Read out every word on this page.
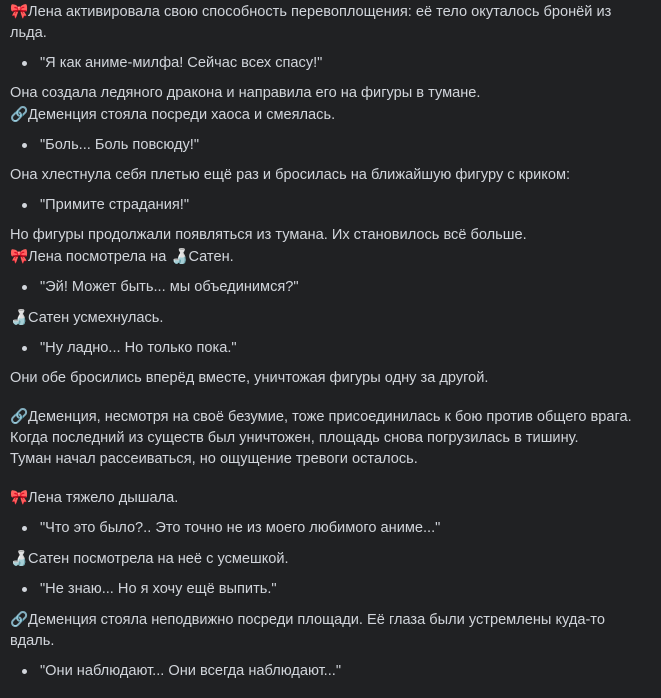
🎀Лена активировала свою способность перевоплощения: её тело окуталось бронёй из льда.

"Я как аниме-милфа! Сейчас всех спасу!"

Она создала ледяного дракона и направила его на фигуры в тумане.

🔗Деменция стояла посреди хаоса и смеялась.

"Боль... Боль повсюду!"

Она хлестнула себя плетью ещё раз и бросилась на ближайшую фигуру с криком:

"Примите страдания!"

Но фигуры продолжали появляться из тумана. Их становилось всё больше.

🎀Лена посмотрела на 🍶Сатен.

"Эй! Может быть... мы объединимся?"

🍶Сатен усмехнулась.

"Ну ладно... Но только пока."

Они обе бросились вперёд вместе, уничтожая фигуры одну за другой.

🔗Деменция, несмотря на своё безумие, тоже присоединилась к бою против общего врага.

Когда последний из существ был уничтожен, площадь снова погрузилась в тишину.

Туман начал рассеиваться, но ощущение тревоги осталось.

🎀Лена тяжело дышала.

"Что это было?.. Это точно не из моего любимого аниме..."

🍶Сатен посмотрела на неё с усмешкой.

"Не знаю... Но я хочу ещё выпить."

🔗Деменция стояла неподвижно посреди площади. Её глаза были устремлены куда-то вдаль.

"Они наблюдают... Они всегда наблюдают..."
